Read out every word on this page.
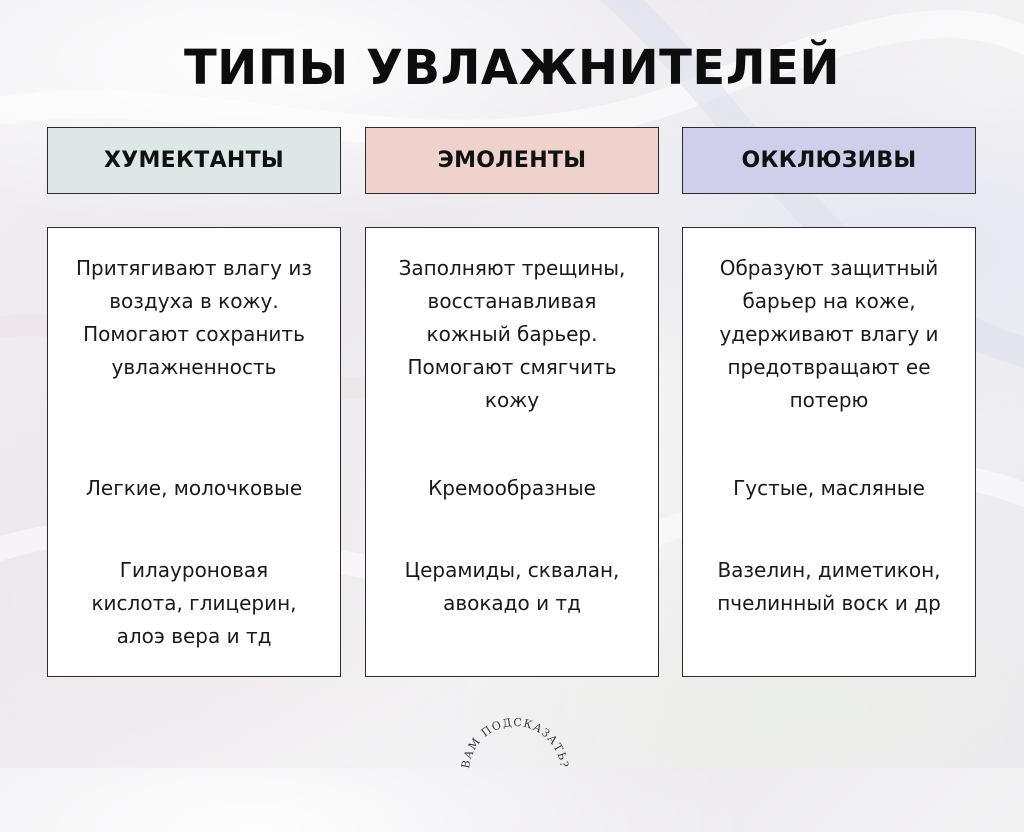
ТИПЫ УВЛАЖНИТЕЛЕЙ
ХУМЕКТАНТЫ

Притягивают влагу из
воздуха в кожу.
Помогают сохранить
увлажненность

Легкие, молочковые

Гилауроновая
кислота, глицерин,
алоэ вера и тд

ЭМОЛЕНТЫ

Заполняют трещины,
восстанавливая
кожный барьер.
Помогают смягчить
кожу

Кремообразные

Церамиды, сквалан,
авокадо и тд

ОККЛЮЗИВЫ

Образуют защитный
барьер на коже,
удерживают влагу и
предотвращают ее
потерю

Густые, масляные

Вазелин, диметикон,
пчелинный воск и др

ВАМ ПОДСКАЗАТЬ?
